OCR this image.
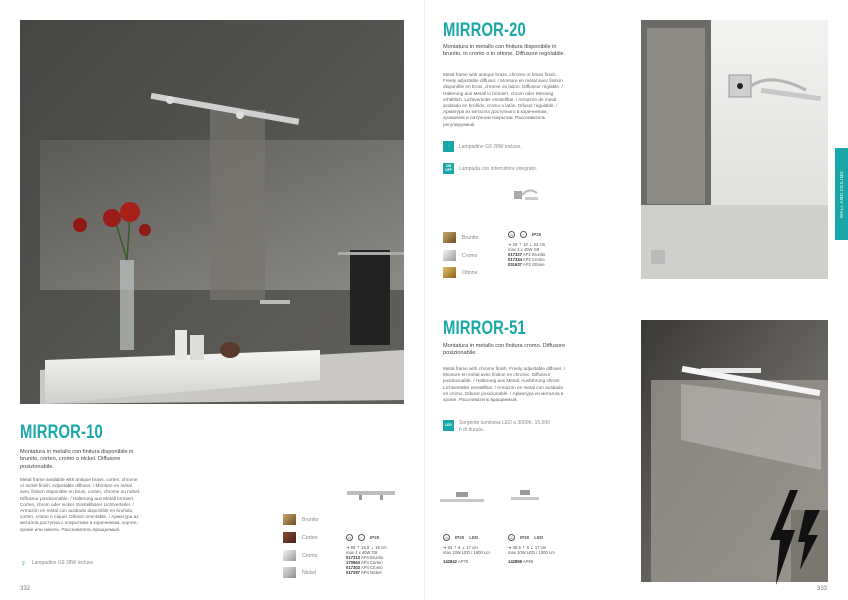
MIRROR-10
Montatura in metallo con finitura disponibile in brunito, corten, cromo o nickel. Diffusore posizionabile.
Metal frame available with antique brass, corten, chrome or nickel finish. Adjustable diffuser. / Monture en métal avec finition disponible en bruni, corten, chrome ou nickel. Diffuseur positionnable. / Halterung aus Metall brüniert, Corten, chrom oder nickel. Einstellbarer Lichtverteiler. / Armazón en metal con acabado disponible en bruñido, corten, cromo o níquel. Difusor orientable. / Арматура из металла доступна с покрытием в коричневом, кортен, хроме или никель. Рассеиватель вращаемый.
♀ Lampadine G9 28W incluse.
332
Brunito
Corten
Cromo
Nickel
⊙	+	IP20
➔ 60 ⇡ 15,8 ⇣ 19 cm
max 4 x 40W G9
017310 AP4 Brunito
170663 AP4 Corten
017303 AP4 Cromo
017297 AP4 Nickel
⊙	IP20 LED
➔ 63 ⇡ 6 ⇣ 17 cm
max 13W LED / 1600 Lm
142842 AP75
⊙	IP20 LED
➔ 36,5 ⇡ 6 ⇣ 17 cm
max 10W LED / 1000 Lm
142859 AP60
MIRROR-20
Montatura in metallo con finitura disponibile in brunito, in cromo o in ottone. Diffusore regolabile.
Metal frame with antique brass, chrome or brass finish. Freely adjustable diffuser. / Monture en métal avec finition disponible en bruni, chrome ou laiton. Diffuseur réglable. / Halterung aus Metall in brüniert, chrom oder Messing erhältlich. Lichtverteiler einstellbar. / Armazón de metal acabado en bruñido, cromo o latón. Difusor regulable. / Арматура из металла доступного в коричневом, хромовом и латунном покрытии. Рассеиватель регулируемый.
♀	Lampadine G9 28W incluse.
ON OFF	Lampada con interruttore integrato.
Brunito
Cromo
Ottone
⊙	+	IP20
➔ 25 ⇡ 10 ⇣ 22 cm
max 2 x 40W G9
017327 AP2 Brunito
017334 AP2 Cromo
031637 AP2 Ottone
MIRROR-51
Montatura in metallo con finitura cromo. Diffusore posizionabile.
Metal frame with chrome finish. Freely adjustable diffuser. / Monture en métal avec finition en chrome. Diffuseur positionnable. / Halterung aus Metall, Ausführung chrom. Lichtverteiler einstellbar. / Armazón en metal con acabado en cromo. Difusor posicionable. / Арматура из металла в хроме. Рассеиватель вращаемый.
LED	Sorgente luminosa LED a 3000K, 15.000 h di durata.
WALL AND CEILING
333
